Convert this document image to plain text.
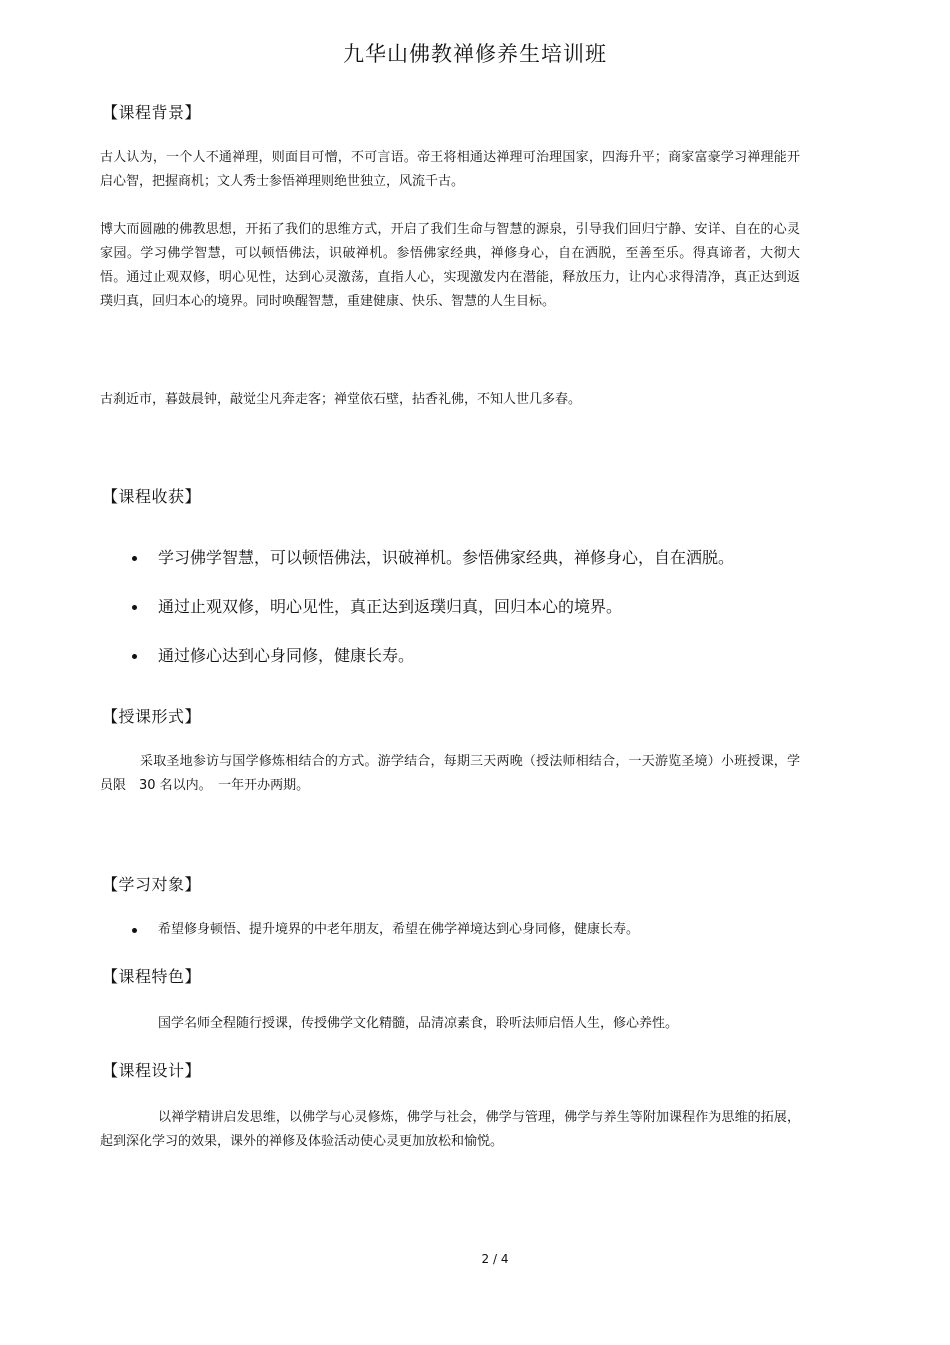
九华山佛教禅修养生培训班
【课程背景】
古人认为，一个人不通禅理，则面目可憎，不可言语。帝王将相通达禅理可治理国家，四海升平；商家富豪学习禅理能开启心智，把握商机；文人秀士参悟禅理则绝世独立，风流千古。
博大而圆融的佛教思想，开拓了我们的思维方式，开启了我们生命与智慧的源泉，引导我们回归宁静、安详、自在的心灵家园。学习佛学智慧，可以顿悟佛法，识破禅机。参悟佛家经典，禅修身心，自在洒脱，至善至乐。得真谛者，大彻大悟。通过止观双修，明心见性，达到心灵激荡，直指人心，实现激发内在潜能，释放压力，让内心求得清净，真正达到返璞归真，回归本心的境界。同时唤醒智慧，重建健康、快乐、智慧的人生目标。
古刹近市，暮鼓晨钟，敲觉尘凡奔走客；禅堂依石壁，拈香礼佛，不知人世几多春。
【课程收获】
学习佛学智慧，可以顿悟佛法，识破禅机。参悟佛家经典，禅修身心，自在洒脱。
通过止观双修，明心见性，真正达到返璞归真，回归本心的境界。
通过修心达到心身同修，健康长寿。
【授课形式】
采取圣地参访与国学修炼相结合的方式。游学结合，每期三天两晚（授法师相结合，一天游览圣境）小班授课，学员限　30 名以内。　一年开办两期。
【学习对象】
希望修身顿悟、提升境界的中老年朋友，希望在佛学禅境达到心身同修，健康长寿。
【课程特色】
国学名师全程随行授课，传授佛学文化精髓，品清凉素食，聆听法师启悟人生，修心养性。
【课程设计】
以禅学精讲启发思维，以佛学与心灵修炼，佛学与社会，佛学与管理，佛学与养生等附加课程作为思维的拓展，起到深化学习的效果，课外的禅修及体验活动使心灵更加放松和愉悦。
2 / 4
